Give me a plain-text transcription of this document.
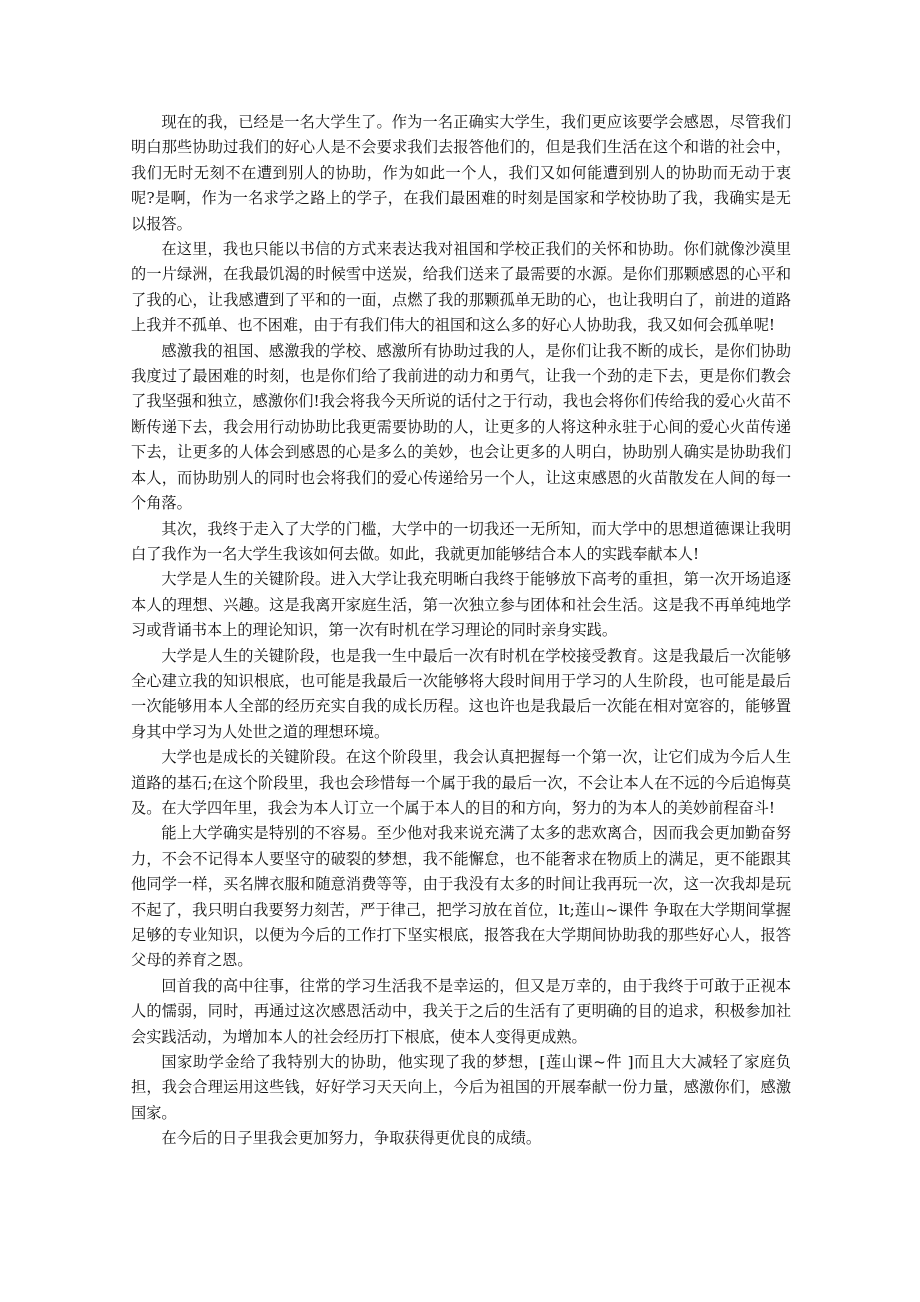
现在的我，已经是一名大学生了。作为一名正确实大学生，我们更应该要学会感恩，尽管我们明白那些协助过我们的好心人是不会要求我们去报答他们的，但是我们生活在这个和谐的社会中，我们无时无刻不在遭到别人的协助，作为如此一个人，我们又如何能遭到别人的协助而无动于衷呢?是啊，作为一名求学之路上的学子，在我们最困难的时刻是国家和学校协助了我，我确实是无以报答。

在这里，我也只能以书信的方式来表达我对祖国和学校正我们的关怀和协助。你们就像沙漠里的一片绿洲，在我最饥渴的时候雪中送炭，给我们送来了最需要的水源。是你们那颗感恩的心平和了我的心，让我感遭到了平和的一面，点燃了我的那颗孤单无助的心，也让我明白了，前进的道路上我并不孤单、也不困难，由于有我们伟大的祖国和这么多的好心人协助我，我又如何会孤单呢!

感激我的祖国、感激我的学校、感激所有协助过我的人，是你们让我不断的成长，是你们协助我度过了最困难的时刻，也是你们给了我前进的动力和勇气，让我一个劲的走下去，更是你们教会了我坚强和独立，感激你们!我会将我今天所说的话付之于行动，我也会将你们传给我的爱心火苗不断传递下去，我会用行动协助比我更需要协助的人，让更多的人将这种永驻于心间的爱心火苗传递下去，让更多的人体会到感恩的心是多么的美妙，也会让更多的人明白，协助别人确实是协助我们本人，而协助别人的同时也会将我们的爱心传递给另一个人，让这束感恩的火苗散发在人间的每一个角落。

其次，我终于走入了大学的门槛，大学中的一切我还一无所知，而大学中的思想道德课让我明白了我作为一名大学生我该如何去做。如此，我就更加能够结合本人的实践奉献本人!

大学是人生的关键阶段。进入大学让我充明晰白我终于能够放下高考的重担，第一次开场追逐本人的理想、兴趣。这是我离开家庭生活，第一次独立参与团体和社会生活。这是我不再单纯地学习或背诵书本上的理论知识，第一次有时机在学习理论的同时亲身实践。

大学是人生的关键阶段，也是我一生中最后一次有时机在学校接受教育。这是我最后一次能够全心建立我的知识根底，也可能是我最后一次能够将大段时间用于学习的人生阶段，也可能是最后一次能够用本人全部的经历充实自我的成长历程。这也许也是我最后一次能在相对宽容的，能够置身其中学习为人处世之道的理想环境。

大学也是成长的关键阶段。在这个阶段里，我会认真把握每一个第一次，让它们成为今后人生道路的基石;在这个阶段里，我也会珍惜每一个属于我的最后一次，不会让本人在不远的今后追悔莫及。在大学四年里，我会为本人订立一个属于本人的目的和方向，努力的为本人的美妙前程奋斗!

能上大学确实是特别的不容易。至少他对我来说充满了太多的悲欢离合，因而我会更加勤奋努力，不会不记得本人要坚守的破裂的梦想，我不能懈怠，也不能奢求在物质上的满足，更不能跟其他同学一样，买名牌衣服和随意消费等等，由于我没有太多的时间让我再玩一次，这一次我却是玩不起了，我只明白我要努力刻苦，严于律己，把学习放在首位，lt;莲山~课件 争取在大学期间掌握足够的专业知识，以便为今后的工作打下坚实根底，报答我在大学期间协助我的那些好心人，报答父母的养育之恩。

回首我的高中往事，往常的学习生活我不是幸运的，但又是万幸的，由于我终于可敢于正视本人的懦弱，同时，再通过这次感恩活动中，我关于之后的生活有了更明确的目的追求，积极参加社会实践活动，为增加本人的社会经历打下根底，使本人变得更成熟。

国家助学金给了我特别大的协助，他实现了我的梦想，[莲山课~件 ]而且大大减轻了家庭负担，我会合理运用这些钱，好好学习天天向上，今后为祖国的开展奉献一份力量，感激你们，感激国家。

在今后的日子里我会更加努力，争取获得更优良的成绩。
